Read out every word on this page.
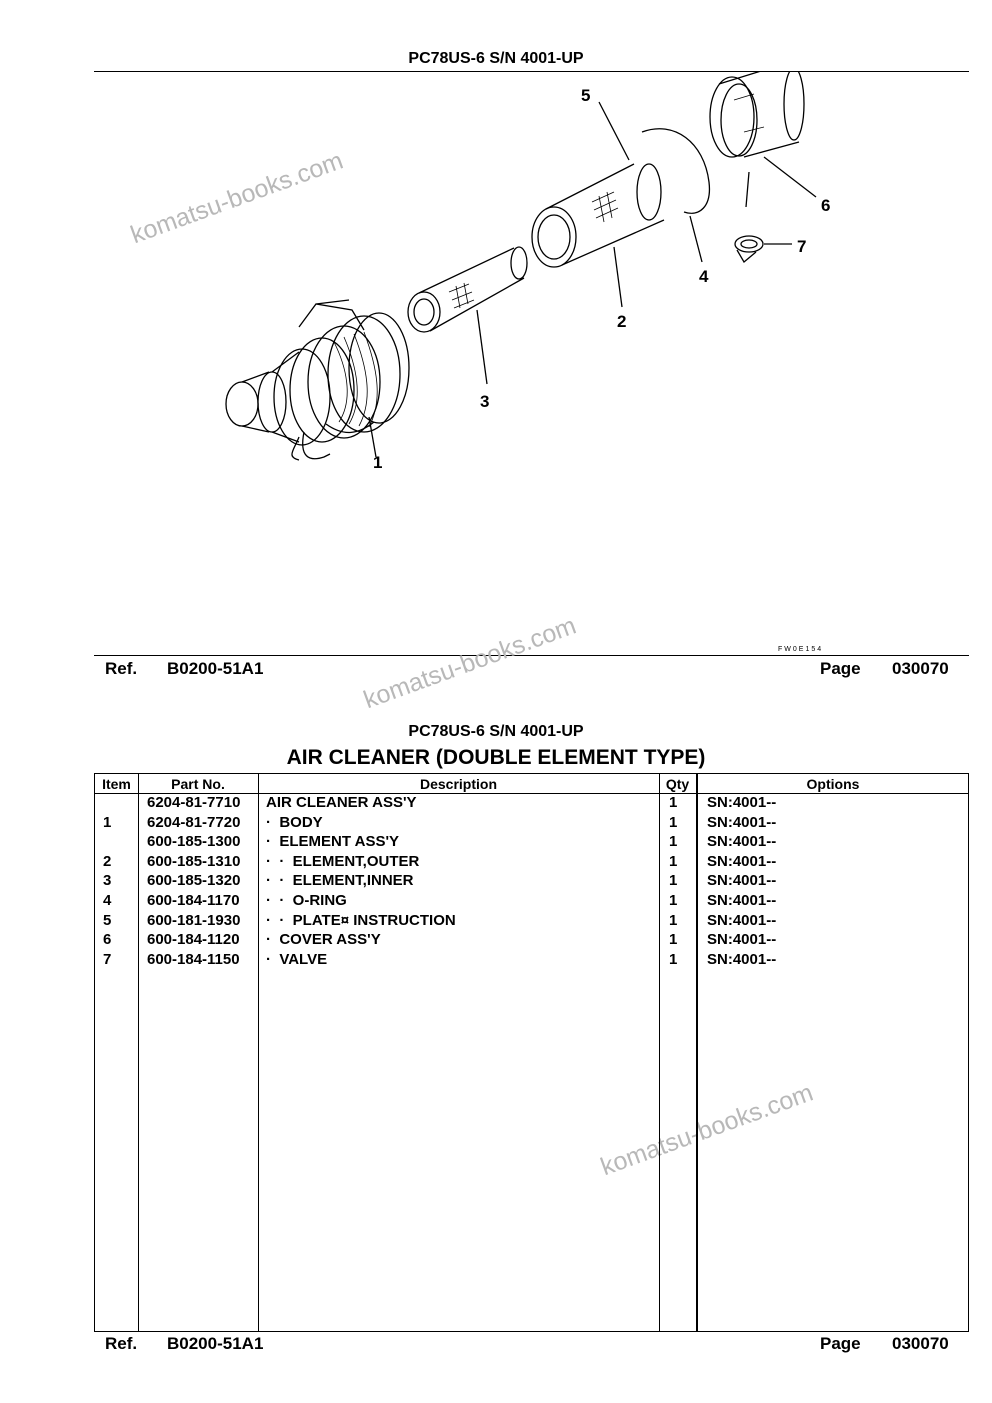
PC78US-6 S/N 4001-UP
1
2
3
4
5
6
7
FW0E154
Ref. B0200-51A1	Page 030070
komatsu-books.com
komatsu-books.com
komatsu-books.com
PC78US-6 S/N 4001-UP
AIR CLEANER (DOUBLE ELEMENT TYPE)
Item	Part No.	Description	Qty	Options
6204-81-7710 AIR CLEANER ASS'Y	1 SN:4001--
1 6204-81-7720 ·  BODY	1 SN:4001--
600-185-1300 ·  ELEMENT ASS'Y	1 SN:4001--
2 600-185-1310 ·  ·  ELEMENT,OUTER	1 SN:4001--
3 600-185-1320 ·  ·  ELEMENT,INNER	1 SN:4001--
4 600-184-1170 ·  ·  O-RING	1 SN:4001--
5 600-181-1930 ·  ·  PLATE¤ INSTRUCTION	1 SN:4001--
6 600-184-1120 ·  COVER ASS'Y	1 SN:4001--
7 600-184-1150 ·  VALVE	1 SN:4001--
Ref. B0200-51A1	Page 030070
